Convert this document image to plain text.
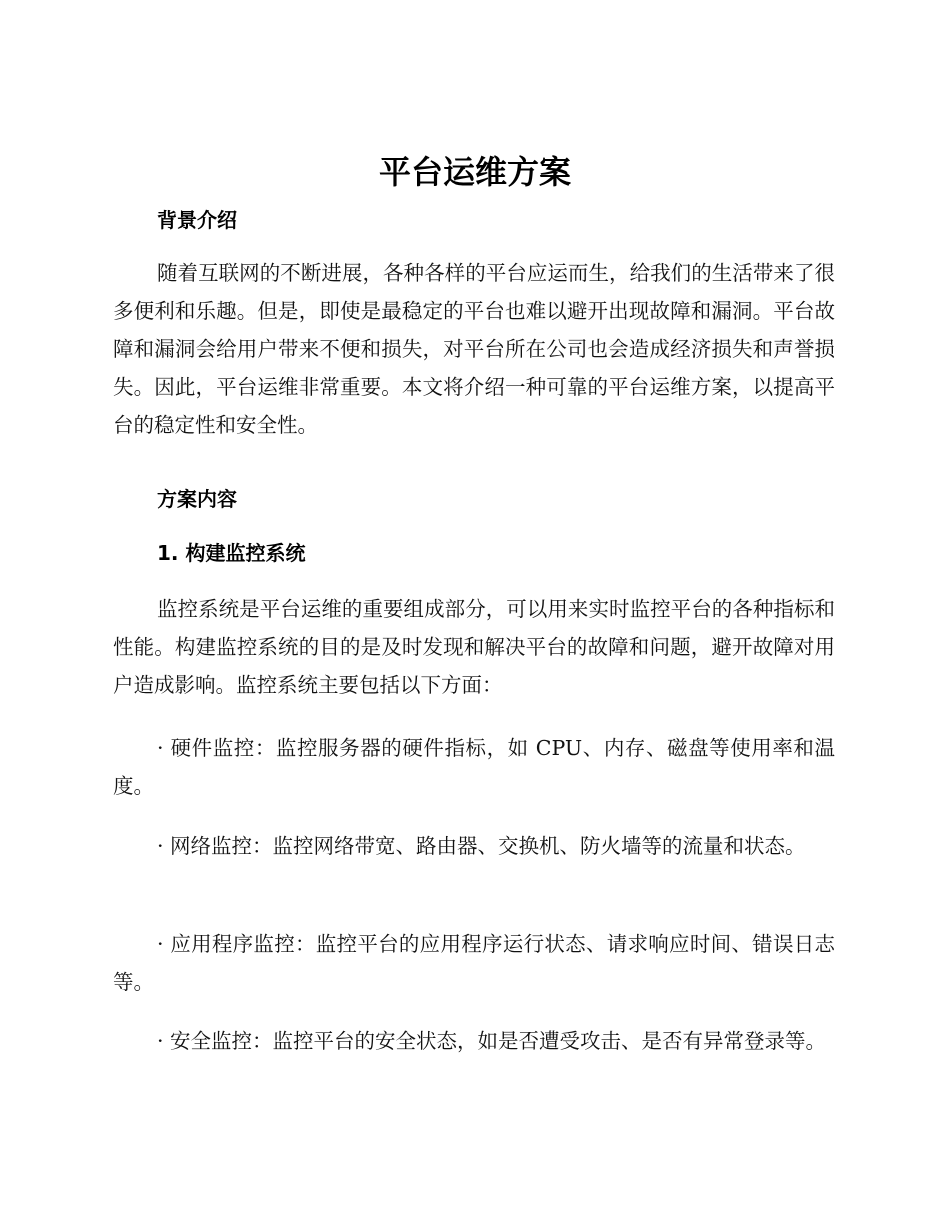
平台运维方案
背景介绍
随着互联网的不断进展，各种各样的平台应运而生，给我们的生活带来了很多便利和乐趣。但是，即使是最稳定的平台也难以避开出现故障和漏洞。平台故障和漏洞会给用户带来不便和损失，对平台所在公司也会造成经济损失和声誉损失。因此，平台运维非常重要。本文将介绍一种可靠的平台运维方案，以提高平台的稳定性和安全性。
方案内容
1. 构建监控系统
监控系统是平台运维的重要组成部分，可以用来实时监控平台的各种指标和性能。构建监控系统的目的是及时发现和解决平台的故障和问题，避开故障对用户造成影响。监控系统主要包括以下方面：
· 硬件监控：监控服务器的硬件指标，如 CPU、内存、磁盘等使用率和温度。
· 网络监控：监控网络带宽、路由器、交换机、防火墙等的流量和状态。
· 应用程序监控：监控平台的应用程序运行状态、请求响应时间、错误日志等。
· 安全监控：监控平台的安全状态，如是否遭受攻击、是否有异常登录等。
